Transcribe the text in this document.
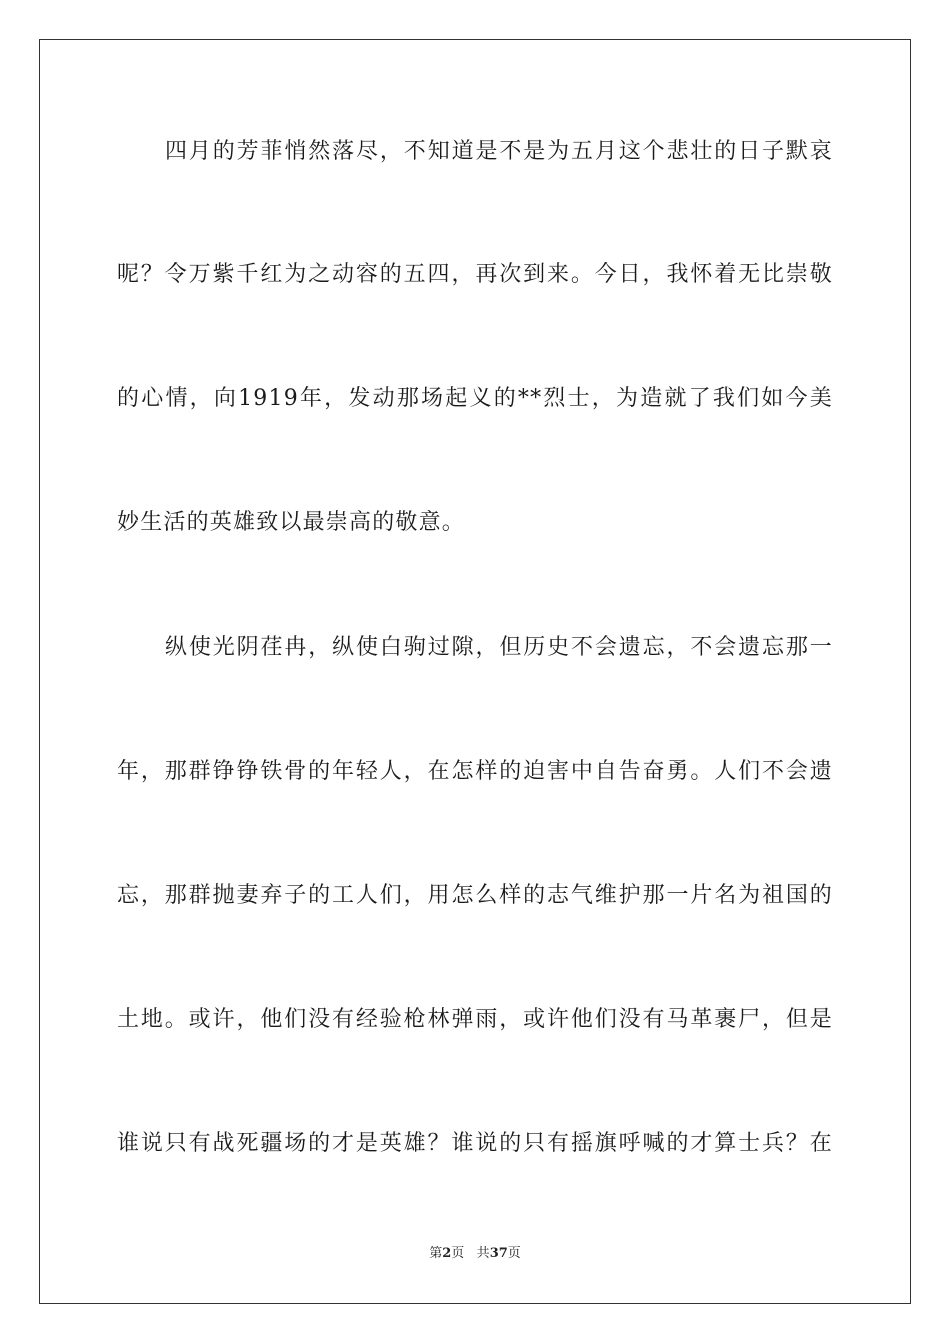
四月的芳菲悄然落尽，不知道是不是为五月这个悲壮的日子默哀
呢？令万紫千红为之动容的五四，再次到来。今日，我怀着无比崇敬
的心情，向1919年，发动那场起义的**烈士，为造就了我们如今美
妙生活的英雄致以最崇高的敬意。
纵使光阴荏冉，纵使白驹过隙，但历史不会遗忘，不会遗忘那一
年，那群铮铮铁骨的年轻人，在怎样的迫害中自告奋勇。人们不会遗
忘，那群抛妻弃子的工人们，用怎么样的志气维护那一片名为祖国的
土地。或许，他们没有经验枪林弹雨，或许他们没有马革裹尸，但是
谁说只有战死疆场的才是英雄？谁说的只有摇旗呼喊的才算士兵？在
第2页 共37页
